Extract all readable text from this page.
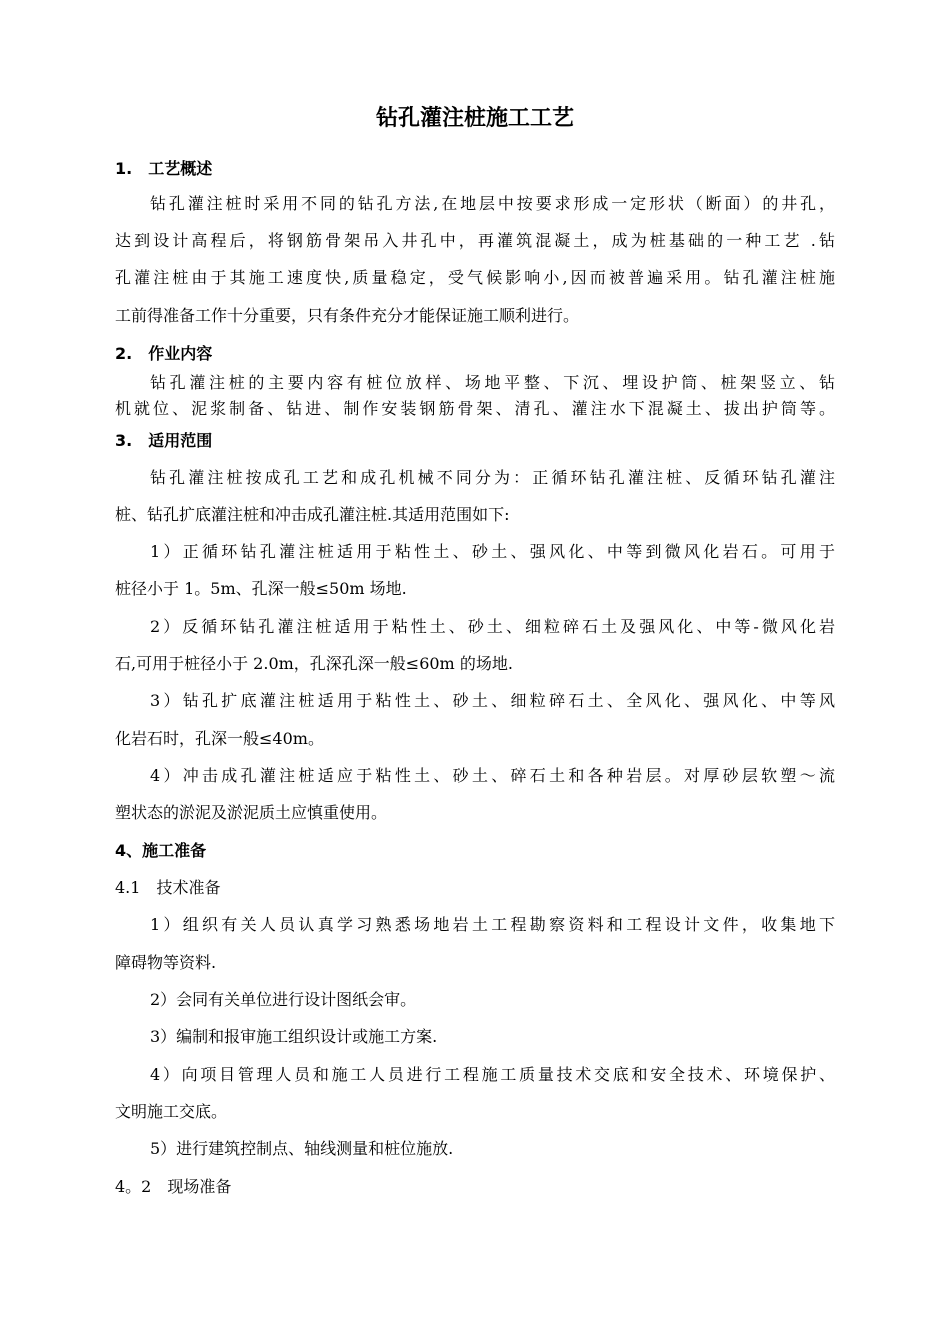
钻孔灌注桩施工工艺
1.　工艺概述
钻孔灌注桩时采用不同的钻孔方法,在地层中按要求形成一定形状（断面）的井孔，
达到设计高程后，将钢筋骨架吊入井孔中，再灌筑混凝土，成为桩基础的一种工艺 .钻
孔灌注桩由于其施工速度快,质量稳定，受气候影响小,因而被普遍采用。钻孔灌注桩施
工前得准备工作十分重要，只有条件充分才能保证施工顺利进行。
2.　作业内容
钻孔灌注桩的主要内容有桩位放样、场地平整、下沉、埋设护筒、桩架竖立、钻
机就位、泥浆制备、钻进、制作安装钢筋骨架、清孔、灌注水下混凝土、拔出护筒等。
3.　适用范围
钻孔灌注桩按成孔工艺和成孔机械不同分为：正循环钻孔灌注桩、反循环钻孔灌注
桩、钻孔扩底灌注桩和冲击成孔灌注桩.其适用范围如下:
1）正循环钻孔灌注桩适用于粘性土、砂土、强风化、中等到微风化岩石。可用于
桩径小于 1。5m、孔深一般≤50m 场地.
2）反循环钻孔灌注桩适用于粘性土、砂土、细粒碎石土及强风化、中等-微风化岩
石,可用于桩径小于 2.0m，孔深孔深一般≤60m 的场地.
3）钻孔扩底灌注桩适用于粘性土、砂土、细粒碎石土、全风化、强风化、中等风
化岩石时，孔深一般≤40m。
4）冲击成孔灌注桩适应于粘性土、砂土、碎石土和各种岩层。对厚砂层软塑～流
塑状态的淤泥及淤泥质土应慎重使用。
4、施工准备
4.1　技术准备
1）组织有关人员认真学习熟悉场地岩土工程勘察资料和工程设计文件，收集地下
障碍物等资料.
2）会同有关单位进行设计图纸会审。
3）编制和报审施工组织设计或施工方案.
4）向项目管理人员和施工人员进行工程施工质量技术交底和安全技术、环境保护、
文明施工交底。
5）进行建筑控制点、轴线测量和桩位施放.
4。2　现场准备
